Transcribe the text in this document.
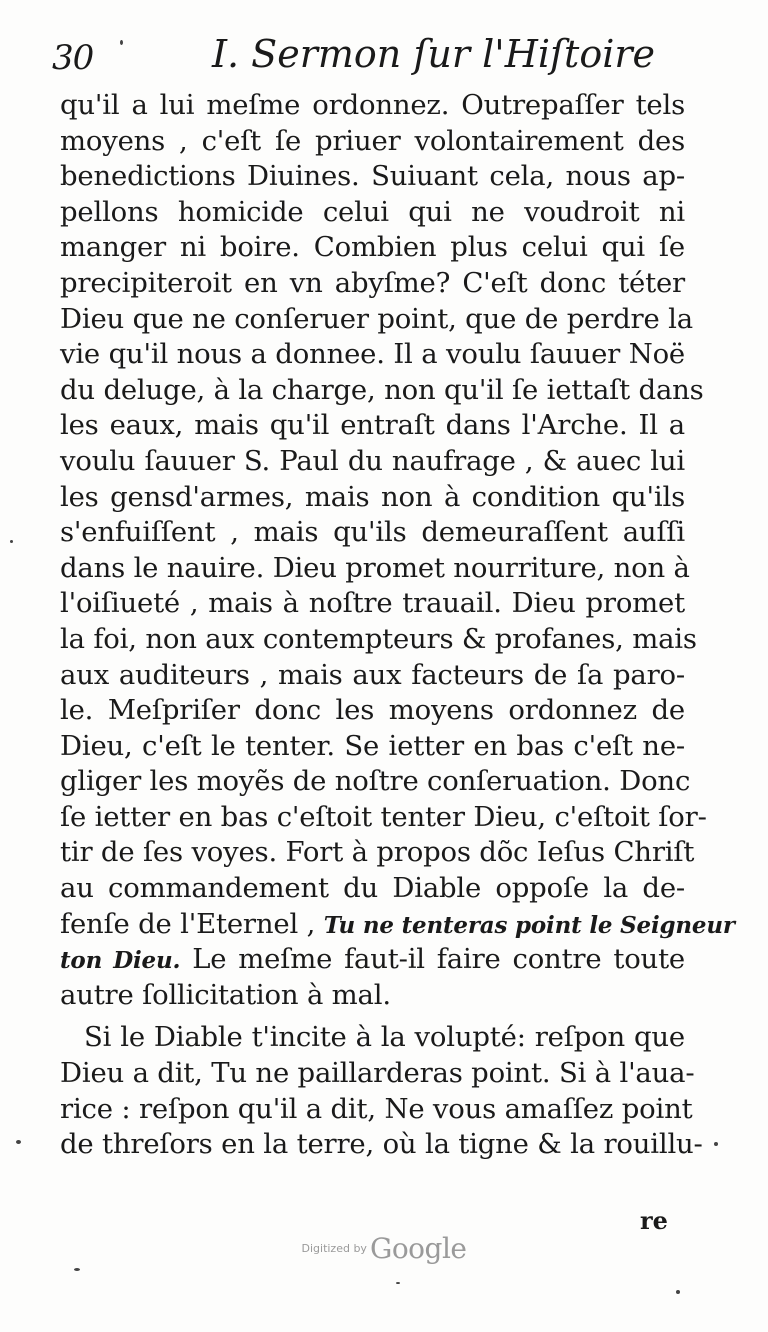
30	I. Sermon ſur l'Hiſtoire
qu'il a lui meſme ordonnez. Outrepaſſer tels
moyens , c'eſt ſe priuer volontairement des
benedictions Diuines. Suiuant cela, nous ap-
pellons homicide celui qui ne voudroit ni
manger ni boire. Combien plus celui qui ſe
precipiteroit en vn abyſme? C'eſt donc téter
Dieu que ne conſeruer point, que de perdre la
vie qu'il nous a donnee. Il a voulu ſauuer Noë
du deluge, à la charge, non qu'il ſe iettaſt dans
les eaux, mais qu'il entraſt dans l'Arche. Il a
voulu ſauuer S. Paul du naufrage , & auec lui
les gensd'armes, mais non à condition qu'ils
s'enfuiſſent , mais qu'ils demeuraſſent auſſi
dans le nauire. Dieu promet nourriture, non à
l'oiſiueté , mais à noſtre trauail. Dieu promet
la foi, non aux contempteurs & profanes, mais
aux auditeurs , mais aux facteurs de ſa paro-
le. Meſpriſer donc les moyens ordonnez de
Dieu, c'eſt le tenter. Se ietter en bas c'eſt ne-
gliger les moyẽs de noſtre conſeruation. Donc
ſe ietter en bas c'eſtoit tenter Dieu, c'eſtoit ſor-
tir de ſes voyes. Fort à propos dõc Ieſus Chriſt
au commandement du Diable oppoſe la de-
fenſe de l'Eternel , Tu ne tenteras point le Seigneur
ton Dieu. Le meſme faut-il faire contre toute
autre ſollicitation à mal.
Si le Diable t'incite à la volupté: reſpon que
Dieu a dit, Tu ne paillarderas point. Si à l'aua-
rice : reſpon qu'il a dit, Ne vous amaſſez point
de threſors en la terre, où la tigne & la rouillu-
re
Digitized by Google
